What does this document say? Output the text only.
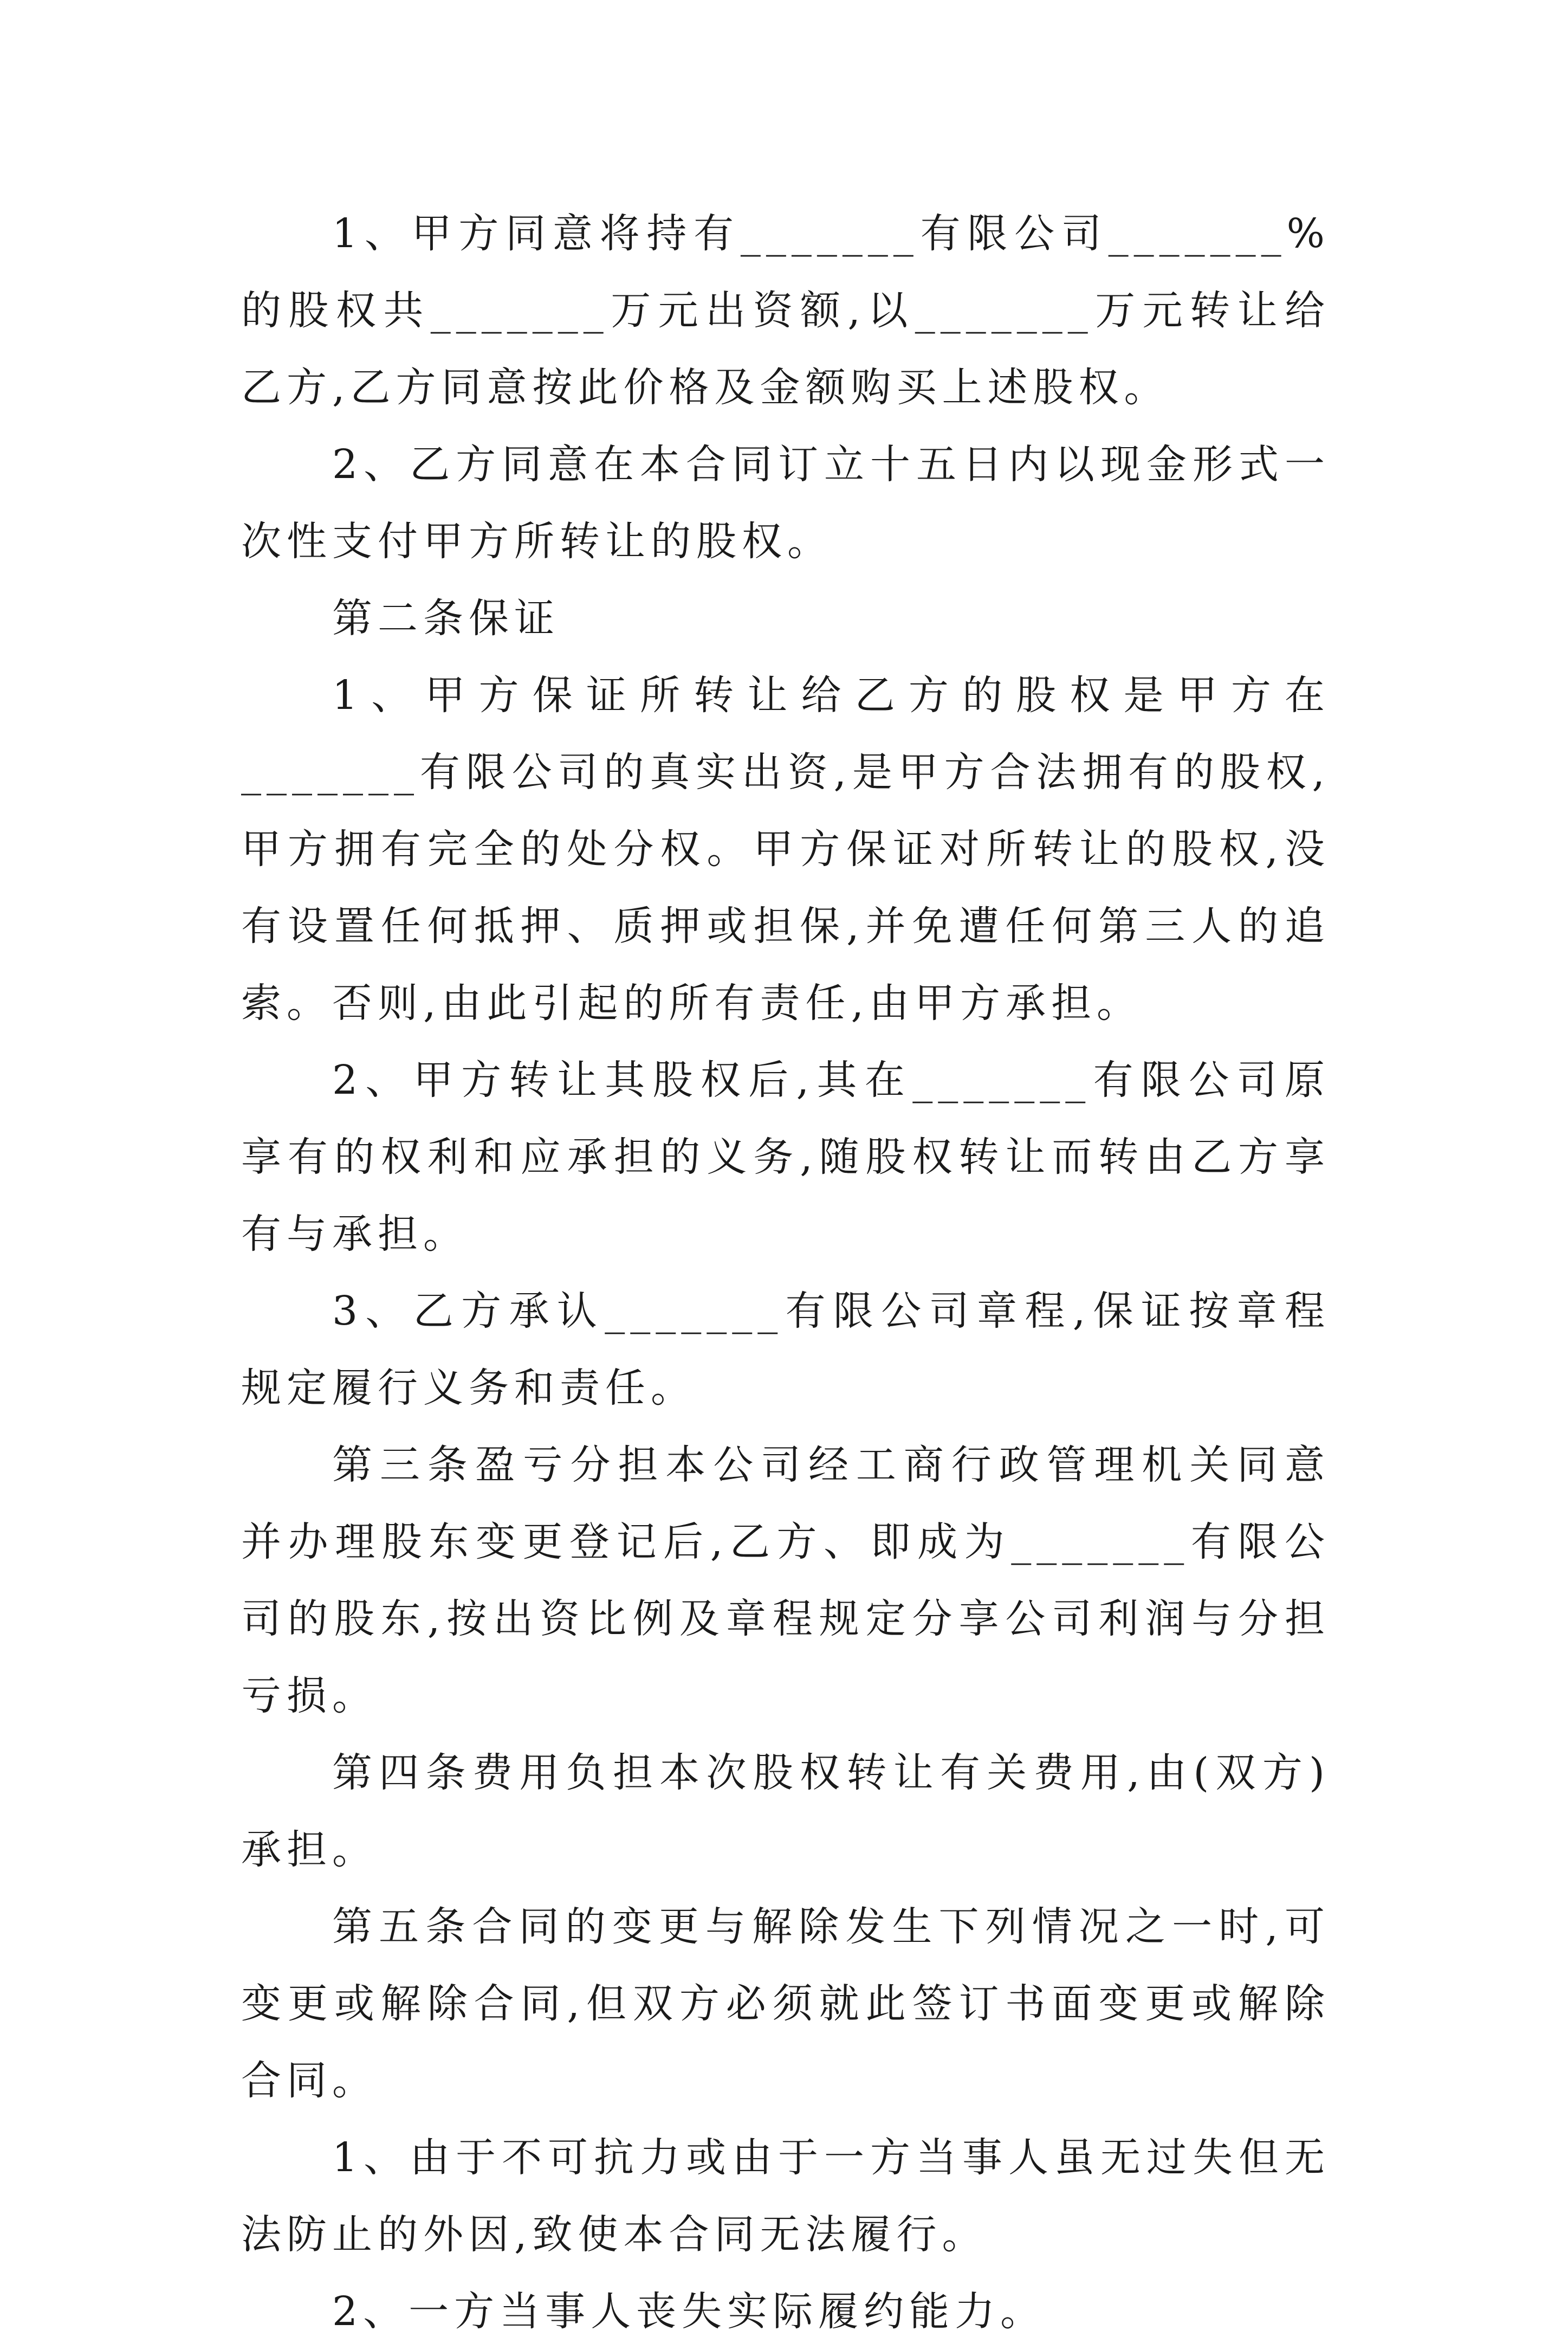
1、甲方同意将持有_______有限公司_______%的股权共_______万元出资额,以_______万元转让给乙方,乙方同意按此价格及金额购买上述股权。

2、乙方同意在本合同订立十五日内以现金形式一次性支付甲方所转让的股权。

第二条保证

1、甲方保证所转让给乙方的股权是甲方在_______有限公司的真实出资,是甲方合法拥有的股权,甲方拥有完全的处分权。甲方保证对所转让的股权,没有设置任何抵押、质押或担保,并免遭任何第三人的追索。否则,由此引起的所有责任,由甲方承担。

2、甲方转让其股权后,其在_______有限公司原享有的权利和应承担的义务,随股权转让而转由乙方享有与承担。

3、乙方承认_______有限公司章程,保证按章程规定履行义务和责任。

第三条盈亏分担本公司经工商行政管理机关同意并办理股东变更登记后,乙方、即成为_______有限公司的股东,按出资比例及章程规定分享公司利润与分担亏损。

第四条费用负担本次股权转让有关费用,由(双方)承担。

第五条合同的变更与解除发生下列情况之一时,可变更或解除合同,但双方必须就此签订书面变更或解除合同。

1、由于不可抗力或由于一方当事人虽无过失但无法防止的外因,致使本合同无法履行。

2、一方当事人丧失实际履约能力。
